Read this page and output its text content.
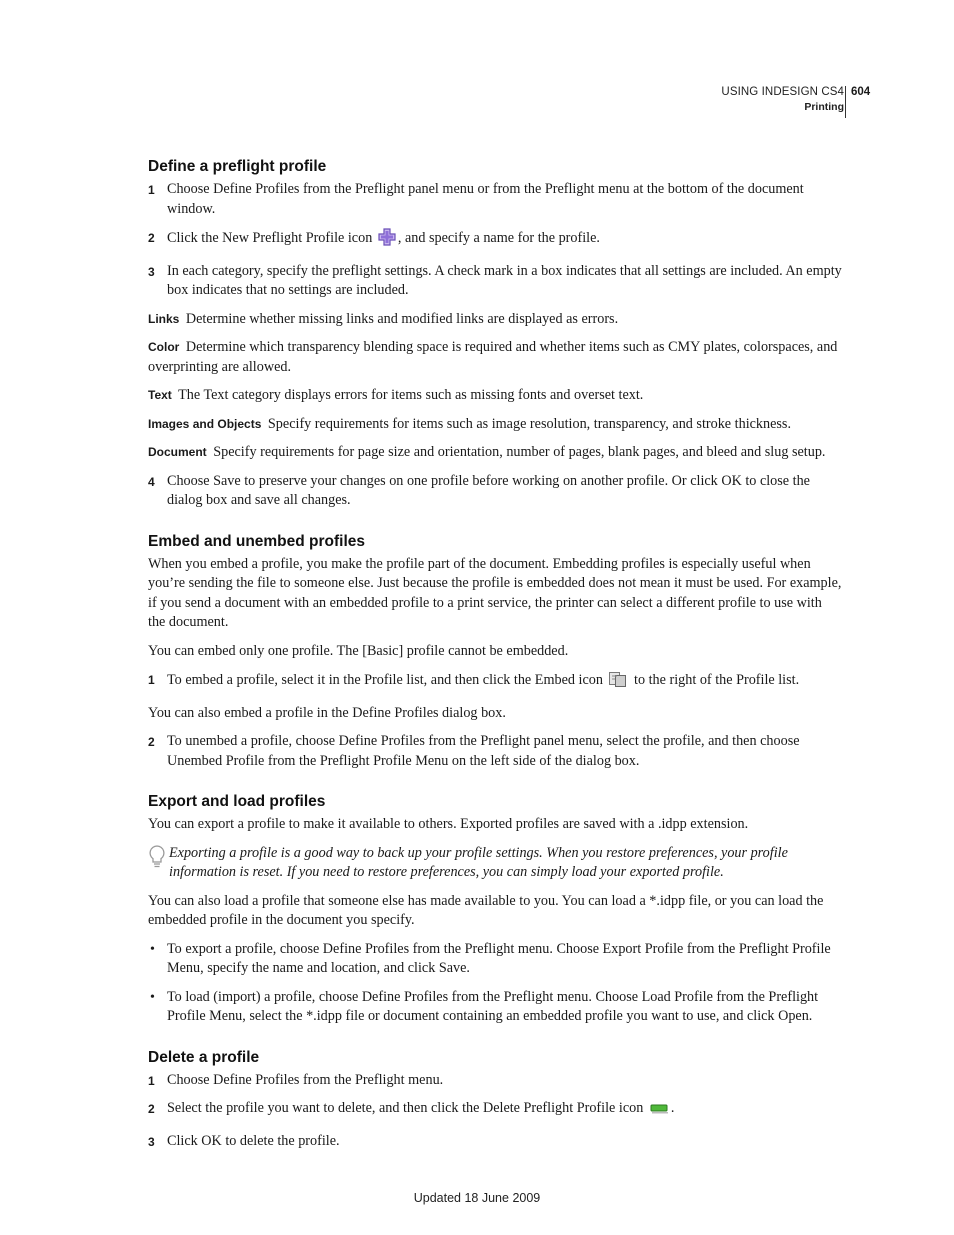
USING INDESIGN CS4
Printing
604
Define a preflight profile
1 Choose Define Profiles from the Preflight panel menu or from the Preflight menu at the bottom of the document window.
2 Click the New Preflight Profile icon , and specify a name for the profile.
3 In each category, specify the preflight settings. A check mark in a box indicates that all settings are included. An empty box indicates that no settings are included.

Links Determine whether missing links and modified links are displayed as errors.

Color Determine which transparency blending space is required and whether items such as CMY plates, colorspaces, and overprinting are allowed.

Text The Text category displays errors for items such as missing fonts and overset text.

Images and Objects Specify requirements for items such as image resolution, transparency, and stroke thickness.

Document Specify requirements for page size and orientation, number of pages, blank pages, and bleed and slug setup.

4 Choose Save to preserve your changes on one profile before working on another profile. Or click OK to close the dialog box and save all changes.
Embed and unembed profiles

When you embed a profile, you make the profile part of the document. Embedding profiles is especially useful when you’re sending the file to someone else. Just because the profile is embedded does not mean it must be used. For example, if you send a document with an embedded profile to a print service, the printer can select a different profile to use with the document.

You can embed only one profile. The [Basic] profile cannot be embedded.

1 To embed a profile, select it in the Profile list, and then click the Embed icon to the right of the Profile list.

You can also embed a profile in the Define Profiles dialog box.

2 To unembed a profile, choose Define Profiles from the Preflight panel menu, select the profile, and then choose Unembed Profile from the Preflight Profile Menu on the left side of the dialog box.
Export and load profiles

You can export a profile to make it available to others. Exported profiles are saved with a .idpp extension.

Exporting a profile is a good way to back up your profile settings. When you restore preferences, your profile information is reset. If you need to restore preferences, you can simply load your exported profile.

You can also load a profile that someone else has made available to you. You can load a *.idpp file, or you can load the embedded profile in the document you specify.

• To export a profile, choose Define Profiles from the Preflight menu. Choose Export Profile from the Preflight Profile Menu, specify the name and location, and click Save.
• To load (import) a profile, choose Define Profiles from the Preflight menu. Choose Load Profile from the Preflight Profile Menu, select the *.idpp file or document containing an embedded profile you want to use, and click Open.
Delete a profile
1 Choose Define Profiles from the Preflight menu.
2 Select the profile you want to delete, and then click the Delete Preflight Profile icon .
3 Click OK to delete the profile.
Updated 18 June 2009
